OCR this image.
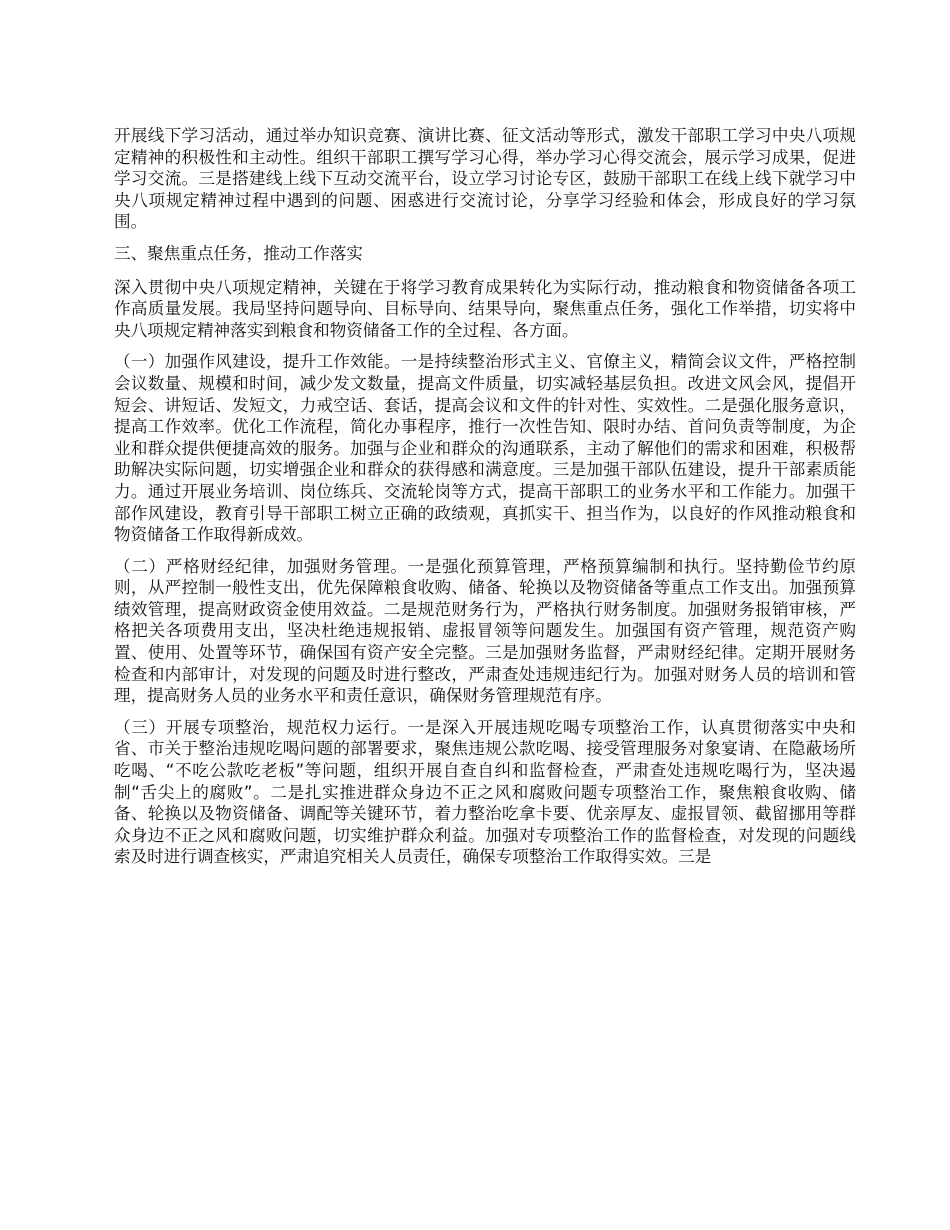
开展线下学习活动，通过举办知识竞赛、演讲比赛、征文活动等形式，激发干部职工学习中央八项规定精神的积极性和主动性。组织干部职工撰写学习心得，举办学习心得交流会，展示学习成果，促进学习交流。三是搭建线上线下互动交流平台，设立学习讨论专区，鼓励干部职工在线上线下就学习中央八项规定精神过程中遇到的问题、困惑进行交流讨论，分享学习经验和体会，形成良好的学习氛围。

三、聚焦重点任务，推动工作落实

深入贯彻中央八项规定精神，关键在于将学习教育成果转化为实际行动，推动粮食和物资储备各项工作高质量发展。我局坚持问题导向、目标导向、结果导向，聚焦重点任务，强化工作举措，切实将中央八项规定精神落实到粮食和物资储备工作的全过程、各方面。

（一）加强作风建设，提升工作效能。一是持续整治形式主义、官僚主义，精简会议文件，严格控制会议数量、规模和时间，减少发文数量，提高文件质量，切实减轻基层负担。改进文风会风，提倡开短会、讲短话、发短文，力戒空话、套话，提高会议和文件的针对性、实效性。二是强化服务意识，提高工作效率。优化工作流程，简化办事程序，推行一次性告知、限时办结、首问负责等制度，为企业和群众提供便捷高效的服务。加强与企业和群众的沟通联系，主动了解他们的需求和困难，积极帮助解决实际问题，切实增强企业和群众的获得感和满意度。三是加强干部队伍建设，提升干部素质能力。通过开展业务培训、岗位练兵、交流轮岗等方式，提高干部职工的业务水平和工作能力。加强干部作风建设，教育引导干部职工树立正确的政绩观，真抓实干、担当作为，以良好的作风推动粮食和物资储备工作取得新成效。

（二）严格财经纪律，加强财务管理。一是强化预算管理，严格预算编制和执行。坚持勤俭节约原则，从严控制一般性支出，优先保障粮食收购、储备、轮换以及物资储备等重点工作支出。加强预算绩效管理，提高财政资金使用效益。二是规范财务行为，严格执行财务制度。加强财务报销审核，严格把关各项费用支出，坚决杜绝违规报销、虚报冒领等问题发生。加强国有资产管理，规范资产购置、使用、处置等环节，确保国有资产安全完整。三是加强财务监督，严肃财经纪律。定期开展财务检查和内部审计，对发现的问题及时进行整改，严肃查处违规违纪行为。加强对财务人员的培训和管理，提高财务人员的业务水平和责任意识，确保财务管理规范有序。

（三）开展专项整治，规范权力运行。一是深入开展违规吃喝专项整治工作，认真贯彻落实中央和省、市关于整治违规吃喝问题的部署要求，聚焦违规公款吃喝、接受管理服务对象宴请、在隐蔽场所吃喝、“不吃公款吃老板”等问题，组织开展自查自纠和监督检查，严肃查处违规吃喝行为，坚决遏制“舌尖上的腐败”。二是扎实推进群众身边不正之风和腐败问题专项整治工作，聚焦粮食收购、储备、轮换以及物资储备、调配等关键环节，着力整治吃拿卡要、优亲厚友、虚报冒领、截留挪用等群众身边不正之风和腐败问题，切实维护群众利益。加强对专项整治工作的监督检查，对发现的问题线索及时进行调查核实，严肃追究相关人员责任，确保专项整治工作取得实效。三是
